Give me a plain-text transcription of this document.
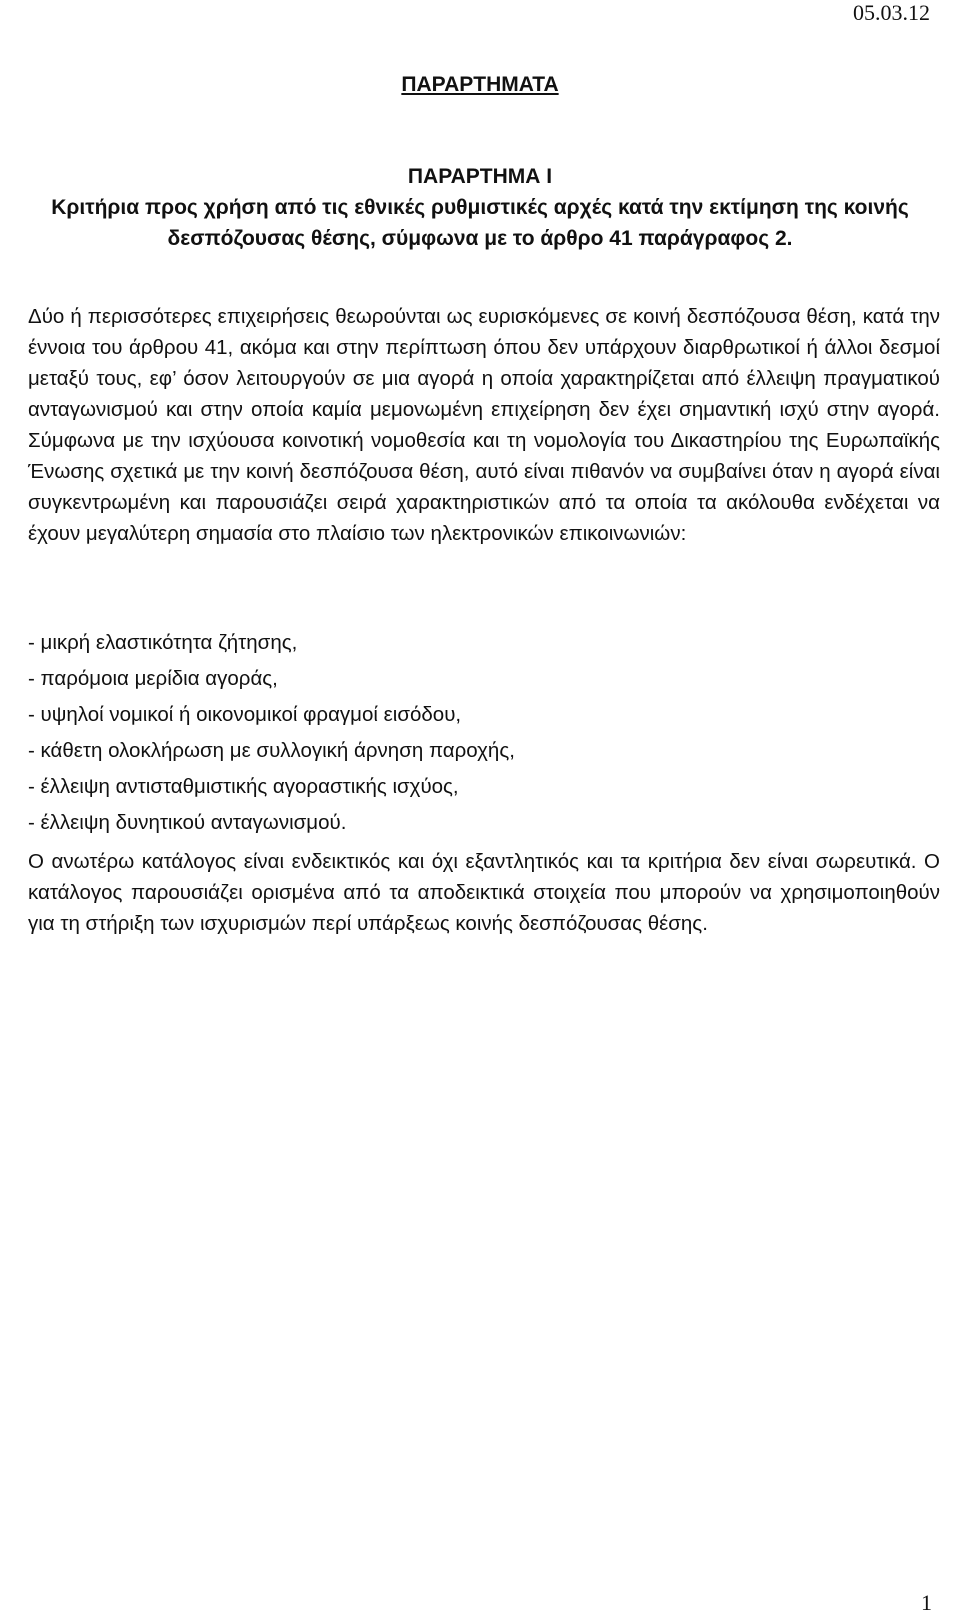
05.03.12
ΠΑΡΑΡΤΗΜΑΤΑ
ΠΑΡΑΡΤΗΜΑ Ι
Κριτήρια προς χρήση από τις εθνικές ρυθμιστικές αρχές κατά την εκτίμηση της κοινής
δεσπόζουσας θέσης, σύμφωνα με το άρθρο 41 παράγραφος 2.

Δύο ή περισσότερες επιχειρήσεις θεωρούνται ως ευρισκόμενες σε κοινή δεσπόζουσα θέση, κατά την έννοια του άρθρου 41, ακόμα και στην περίπτωση όπου δεν υπάρχουν διαρθρωτικοί ή άλλοι δεσμοί μεταξύ τους, εφ’ όσον λειτουργούν σε μια αγορά η οποία χαρακτηρίζεται από έλλειψη πραγματικού ανταγωνισμού και στην οποία καμία μεμονωμένη επιχείρηση δεν έχει σημαντική ισχύ στην αγορά. Σύμφωνα με την ισχύουσα κοινοτική νομοθεσία και τη νομολογία του Δικαστηρίου της Ευρωπαϊκής Ένωσης σχετικά με την κοινή δεσπόζουσα θέση, αυτό είναι πιθανόν να συμβαίνει όταν η αγορά είναι συγκεντρωμένη και παρουσιάζει σειρά χαρακτηριστικών από τα οποία τα ακόλουθα ενδέχεται να έχουν μεγαλύτερη σημασία στο πλαίσιο των ηλεκτρονικών επικοινωνιών:

- μικρή ελαστικότητα ζήτησης,
- παρόμοια μερίδια αγοράς,
- υψηλοί νομικοί ή οικονομικοί φραγμοί εισόδου,
- κάθετη ολοκλήρωση με συλλογική άρνηση παροχής,
- έλλειψη αντισταθμιστικής αγοραστικής ισχύος,
- έλλειψη δυνητικού ανταγωνισμού.

Ο ανωτέρω κατάλογος είναι ενδεικτικός και όχι εξαντλητικός και τα κριτήρια δεν είναι σωρευτικά. Ο κατάλογος παρουσιάζει ορισμένα από τα αποδεικτικά στοιχεία που μπορούν να χρησιμοποιηθούν για τη στήριξη των ισχυρισμών περί υπάρξεως κοινής δεσπόζουσας θέσης.

1
